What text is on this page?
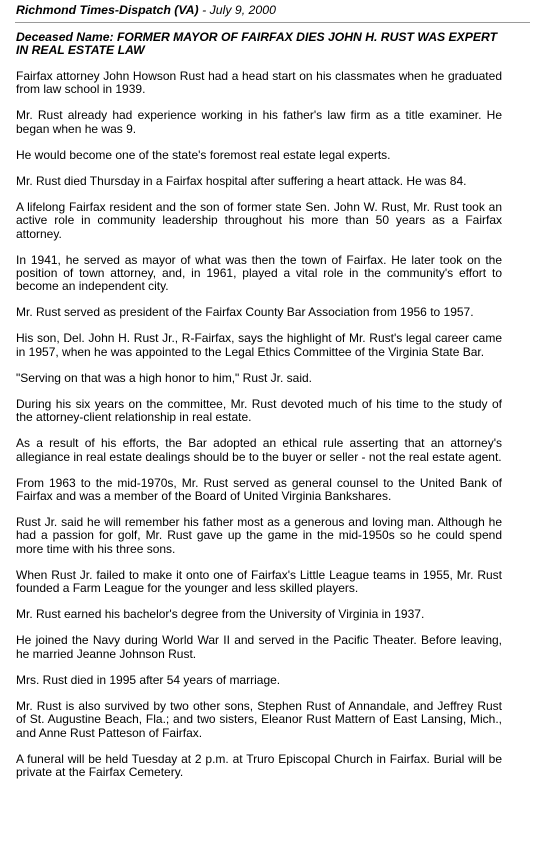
Richmond Times-Dispatch (VA) - July 9, 2000
Deceased Name: FORMER MAYOR OF FAIRFAX DIES JOHN H. RUST WAS EXPERT IN REAL ESTATE LAW

Fairfax attorney John Howson Rust had a head start on his classmates when he graduated from law school in 1939.

Mr. Rust already had experience working in his father's law firm as a title examiner. He began when he was 9.

He would become one of the state's foremost real estate legal experts.

Mr. Rust died Thursday in a Fairfax hospital after suffering a heart attack. He was 84.

A lifelong Fairfax resident and the son of former state Sen. John W. Rust, Mr. Rust took an active role in community leadership throughout his more than 50 years as a Fairfax attorney.

In 1941, he served as mayor of what was then the town of Fairfax. He later took on the position of town attorney, and, in 1961, played a vital role in the community's effort to become an independent city.

Mr. Rust served as president of the Fairfax County Bar Association from 1956 to 1957.

His son, Del. John H. Rust Jr., R-Fairfax, says the highlight of Mr. Rust's legal career came in 1957, when he was appointed to the Legal Ethics Committee of the Virginia State Bar.

"Serving on that was a high honor to him," Rust Jr. said.

During his six years on the committee, Mr. Rust devoted much of his time to the study of the attorney-client relationship in real estate.

As a result of his efforts, the Bar adopted an ethical rule asserting that an attorney's allegiance in real estate dealings should be to the buyer or seller - not the real estate agent.

From 1963 to the mid-1970s, Mr. Rust served as general counsel to the United Bank of Fairfax and was a member of the Board of United Virginia Bankshares.

Rust Jr. said he will remember his father most as a generous and loving man. Although he had a passion for golf, Mr. Rust gave up the game in the mid-1950s so he could spend more time with his three sons.

When Rust Jr. failed to make it onto one of Fairfax's Little League teams in 1955, Mr. Rust founded a Farm League for the younger and less skilled players.

Mr. Rust earned his bachelor's degree from the University of Virginia in 1937.

He joined the Navy during World War II and served in the Pacific Theater. Before leaving, he married Jeanne Johnson Rust.

Mrs. Rust died in 1995 after 54 years of marriage.

Mr. Rust is also survived by two other sons, Stephen Rust of Annandale, and Jeffrey Rust of St. Augustine Beach, Fla.; and two sisters, Eleanor Rust Mattern of East Lansing, Mich., and Anne Rust Patteson of Fairfax.

A funeral will be held Tuesday at 2 p.m. at Truro Episcopal Church in Fairfax. Burial will be private at the Fairfax Cemetery.
